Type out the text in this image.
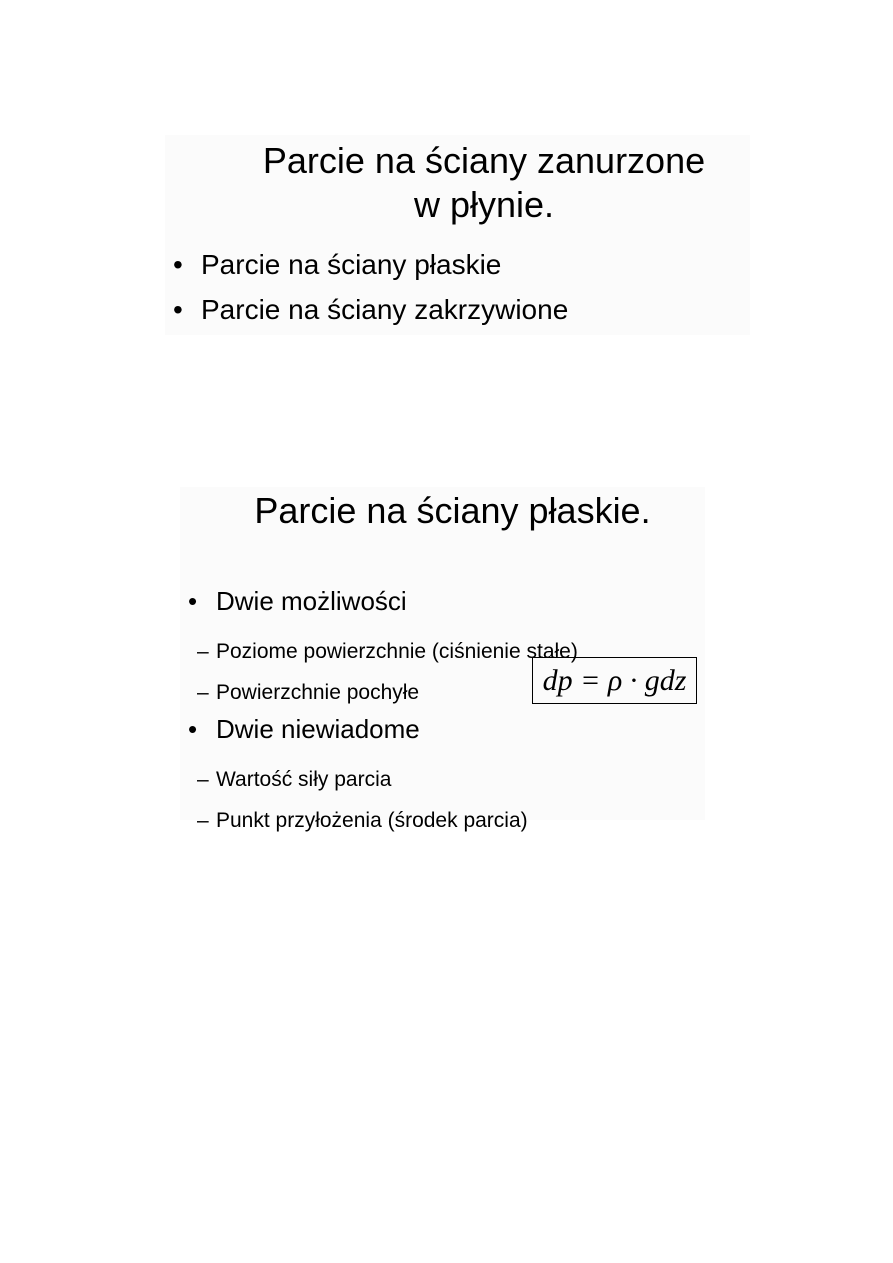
Parcie na ściany zanurzone
w płynie.
• Parcie na ściany płaskie
• Parcie na ściany zakrzywione
Parcie na ściany płaskie.
• Dwie możliwości
– Poziome powierzchnie (ciśnienie stałe)
– Powierzchnie pochyłe
• Dwie niewiadome
– Wartość siły parcia
– Punkt przyłożenia (środek parcia)
dp = ρ · gdz
